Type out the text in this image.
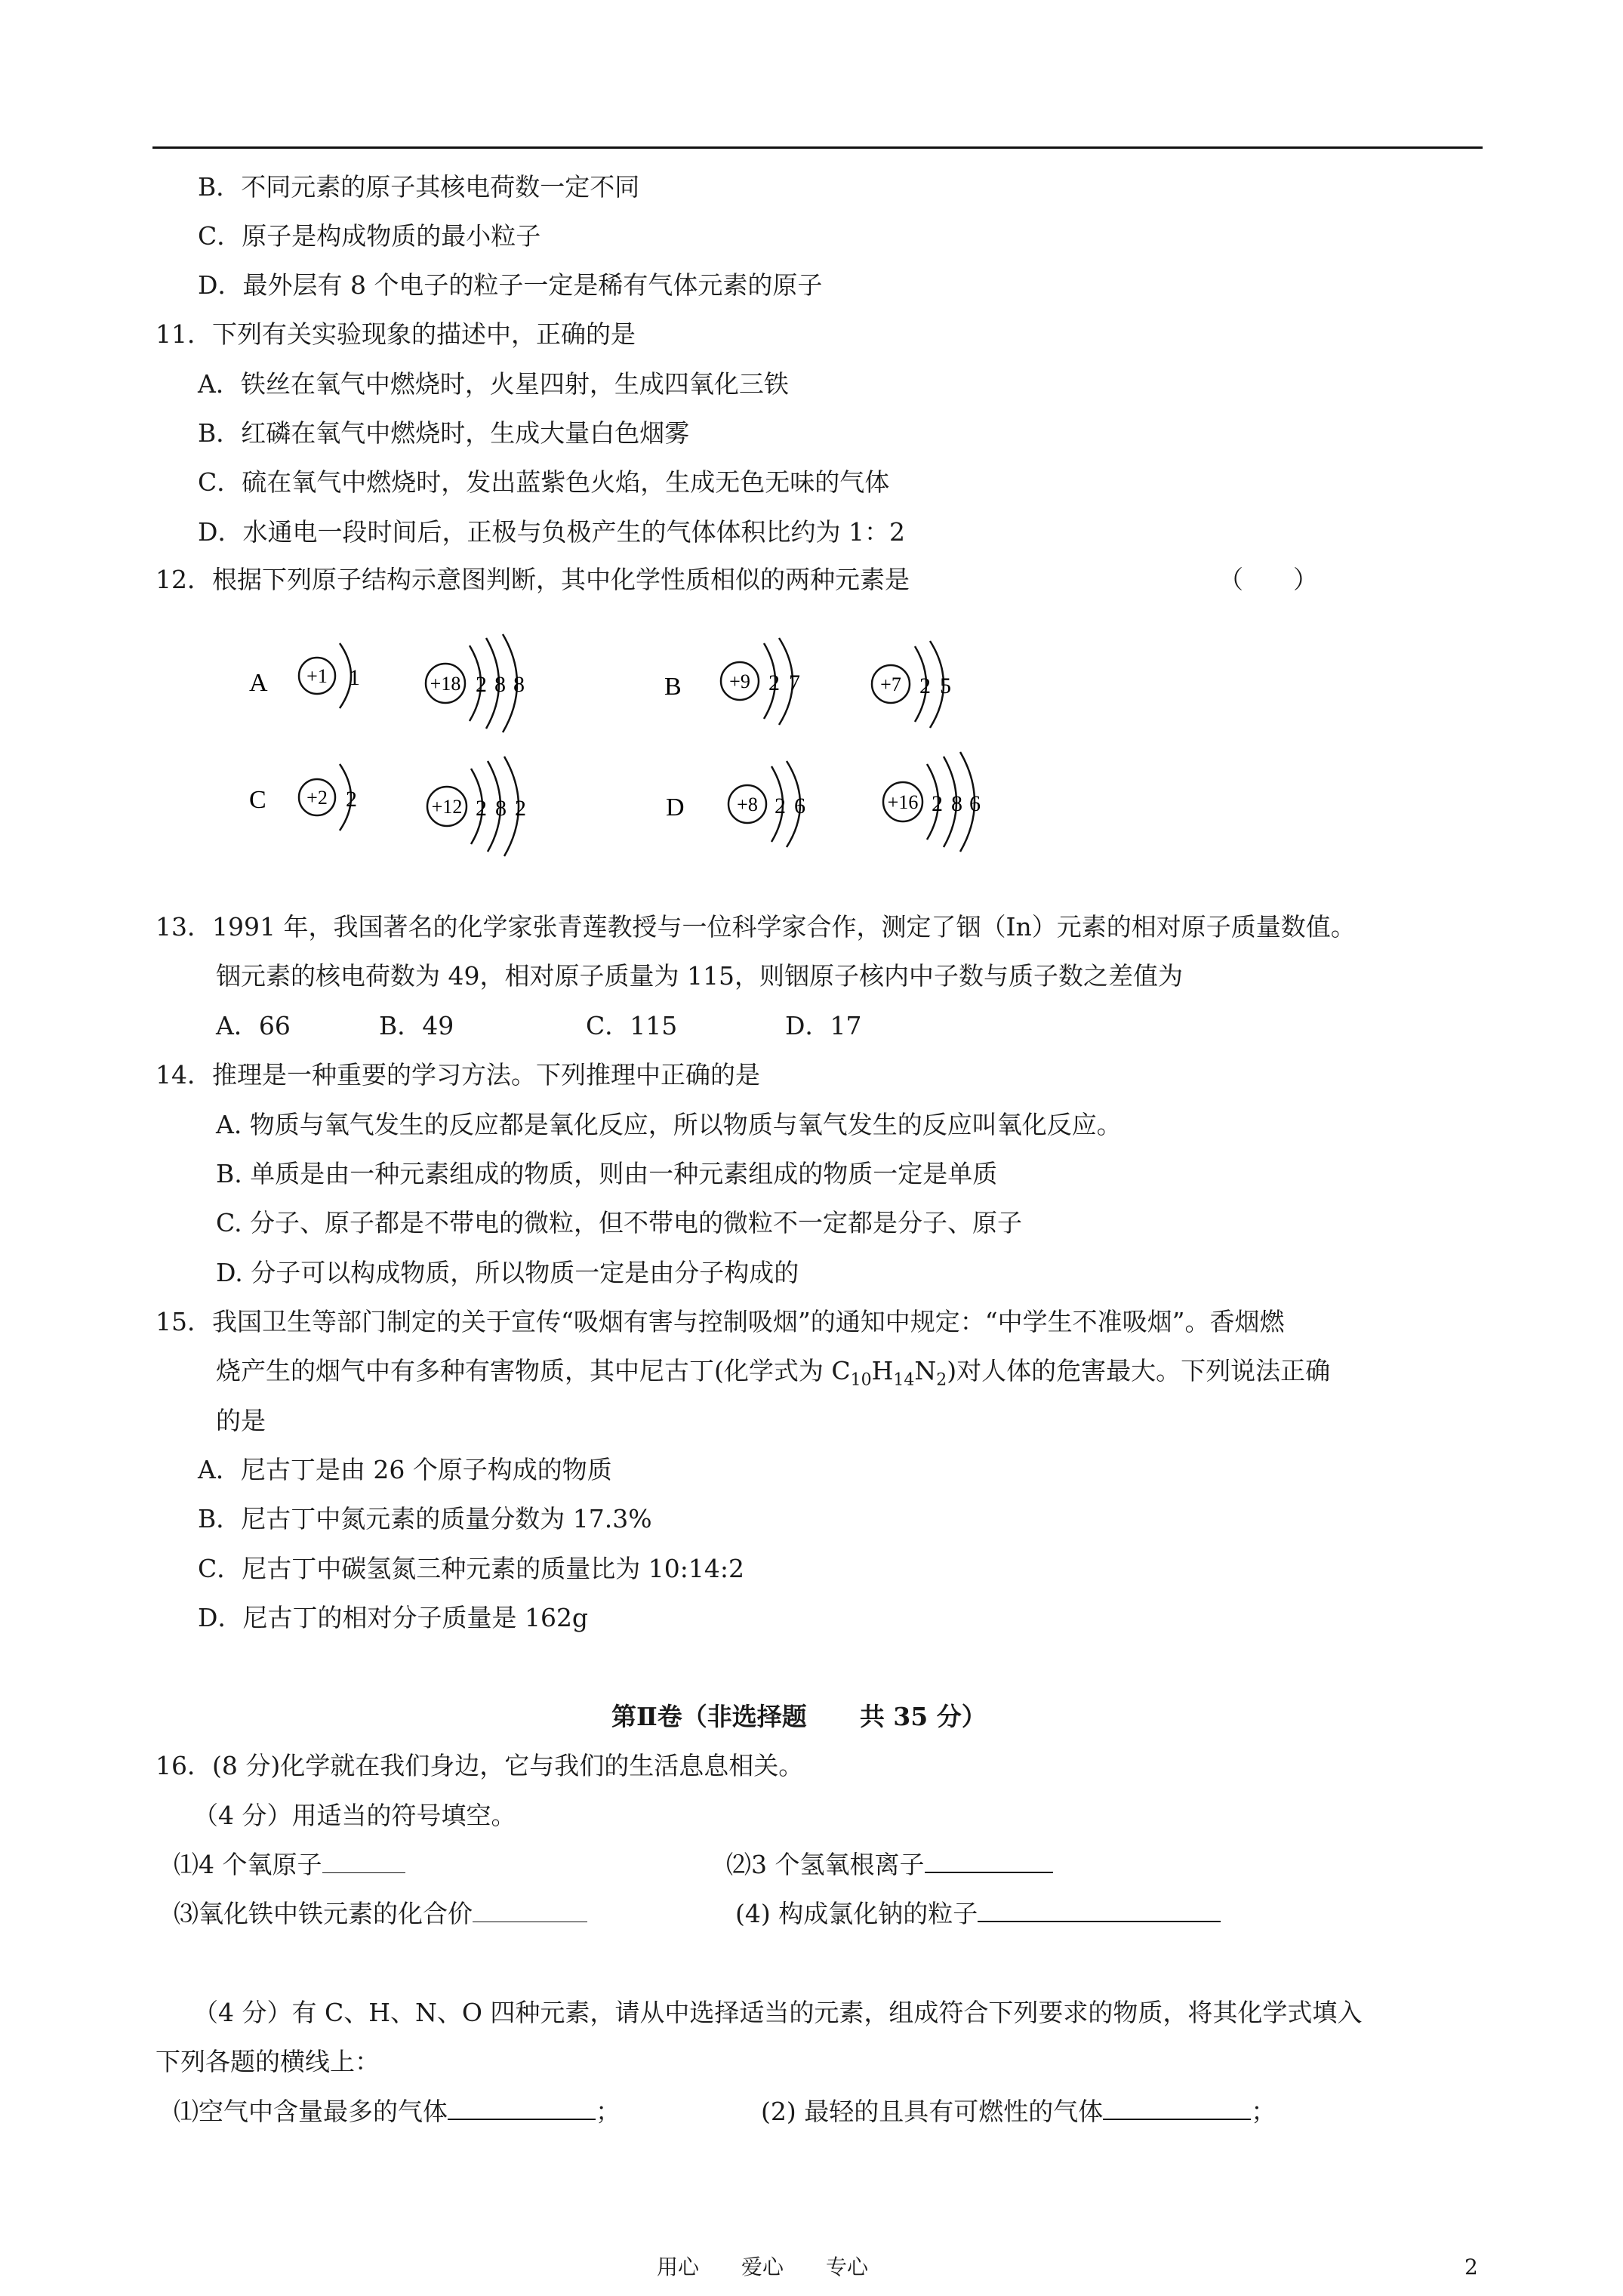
B．不同元素的原子其核电荷数一定不同
C．原子是构成物质的最小粒子
D．最外层有 8 个电子的粒子一定是稀有气体元素的原子
11．下列有关实验现象的描述中，正确的是
A．铁丝在氧气中燃烧时，火星四射，生成四氧化三铁
B．红磷在氧气中燃烧时，生成大量白色烟雾
C．硫在氧气中燃烧时，发出蓝紫色火焰，生成无色无味的气体
D．水通电一段时间后，正极与负极产生的气体体积比约为 1：2
12．根据下列原子结构示意图判断，其中化学性质相似的两种元素是	（　　）
A +1 1	+18 2 8 8	B +9 2 7	+7 2 5
C +2 2	+12 2 8 2	D	+8 2 6	+16 2 8 6
13．1991 年，我国著名的化学家张青莲教授与一位科学家合作，测定了铟（In）元素的相对原子质量数值。
铟元素的核电荷数为 49，相对原子质量为 115，则铟原子核内中子数与质子数之差值为
A．66	B．49	C．115	D．17
14．推理是一种重要的学习方法。下列推理中正确的是
A. 物质与氧气发生的反应都是氧化反应，所以物质与氧气发生的反应叫氧化反应。
B. 单质是由一种元素组成的物质，则由一种元素组成的物质一定是单质
C. 分子、原子都是不带电的微粒，但不带电的微粒不一定都是分子、原子
D. 分子可以构成物质，所以物质一定是由分子构成的
15．我国卫生等部门制定的关于宣传“吸烟有害与控制吸烟”的通知中规定：“中学生不准吸烟”。香烟燃
烧产生的烟气中有多种有害物质，其中尼古丁(化学式为 $C_{10}H_{14}N_2$)对人体的危害最大。下列说法正确
的是
A．尼古丁是由 26 个原子构成的物质
B．尼古丁中氮元素的质量分数为 17.3%
C．尼古丁中碳氢氮三种元素的质量比为 10:14:2
D．尼古丁的相对分子质量是 162g
第Ⅱ卷（非选择题 共 35 分）
16．(8 分)化学就在我们身边，它与我们的生活息息相关。
（4 分）用适当的符号填空。
⑴4 个氧原子	⑵3 个氢氧根离子
⑶氧化铁中铁元素的化合价	(4) 构成氯化钠的粒子
（4 分）有 C、H、N、O 四种元素，请从中选择适当的元素，组成符合下列要求的物质，将其化学式填入
下列各题的横线上：
⑴空气中含量最多的气体	；	(2) 最轻的且具有可燃性的气体	；
用心　　爱心　　专心	2
